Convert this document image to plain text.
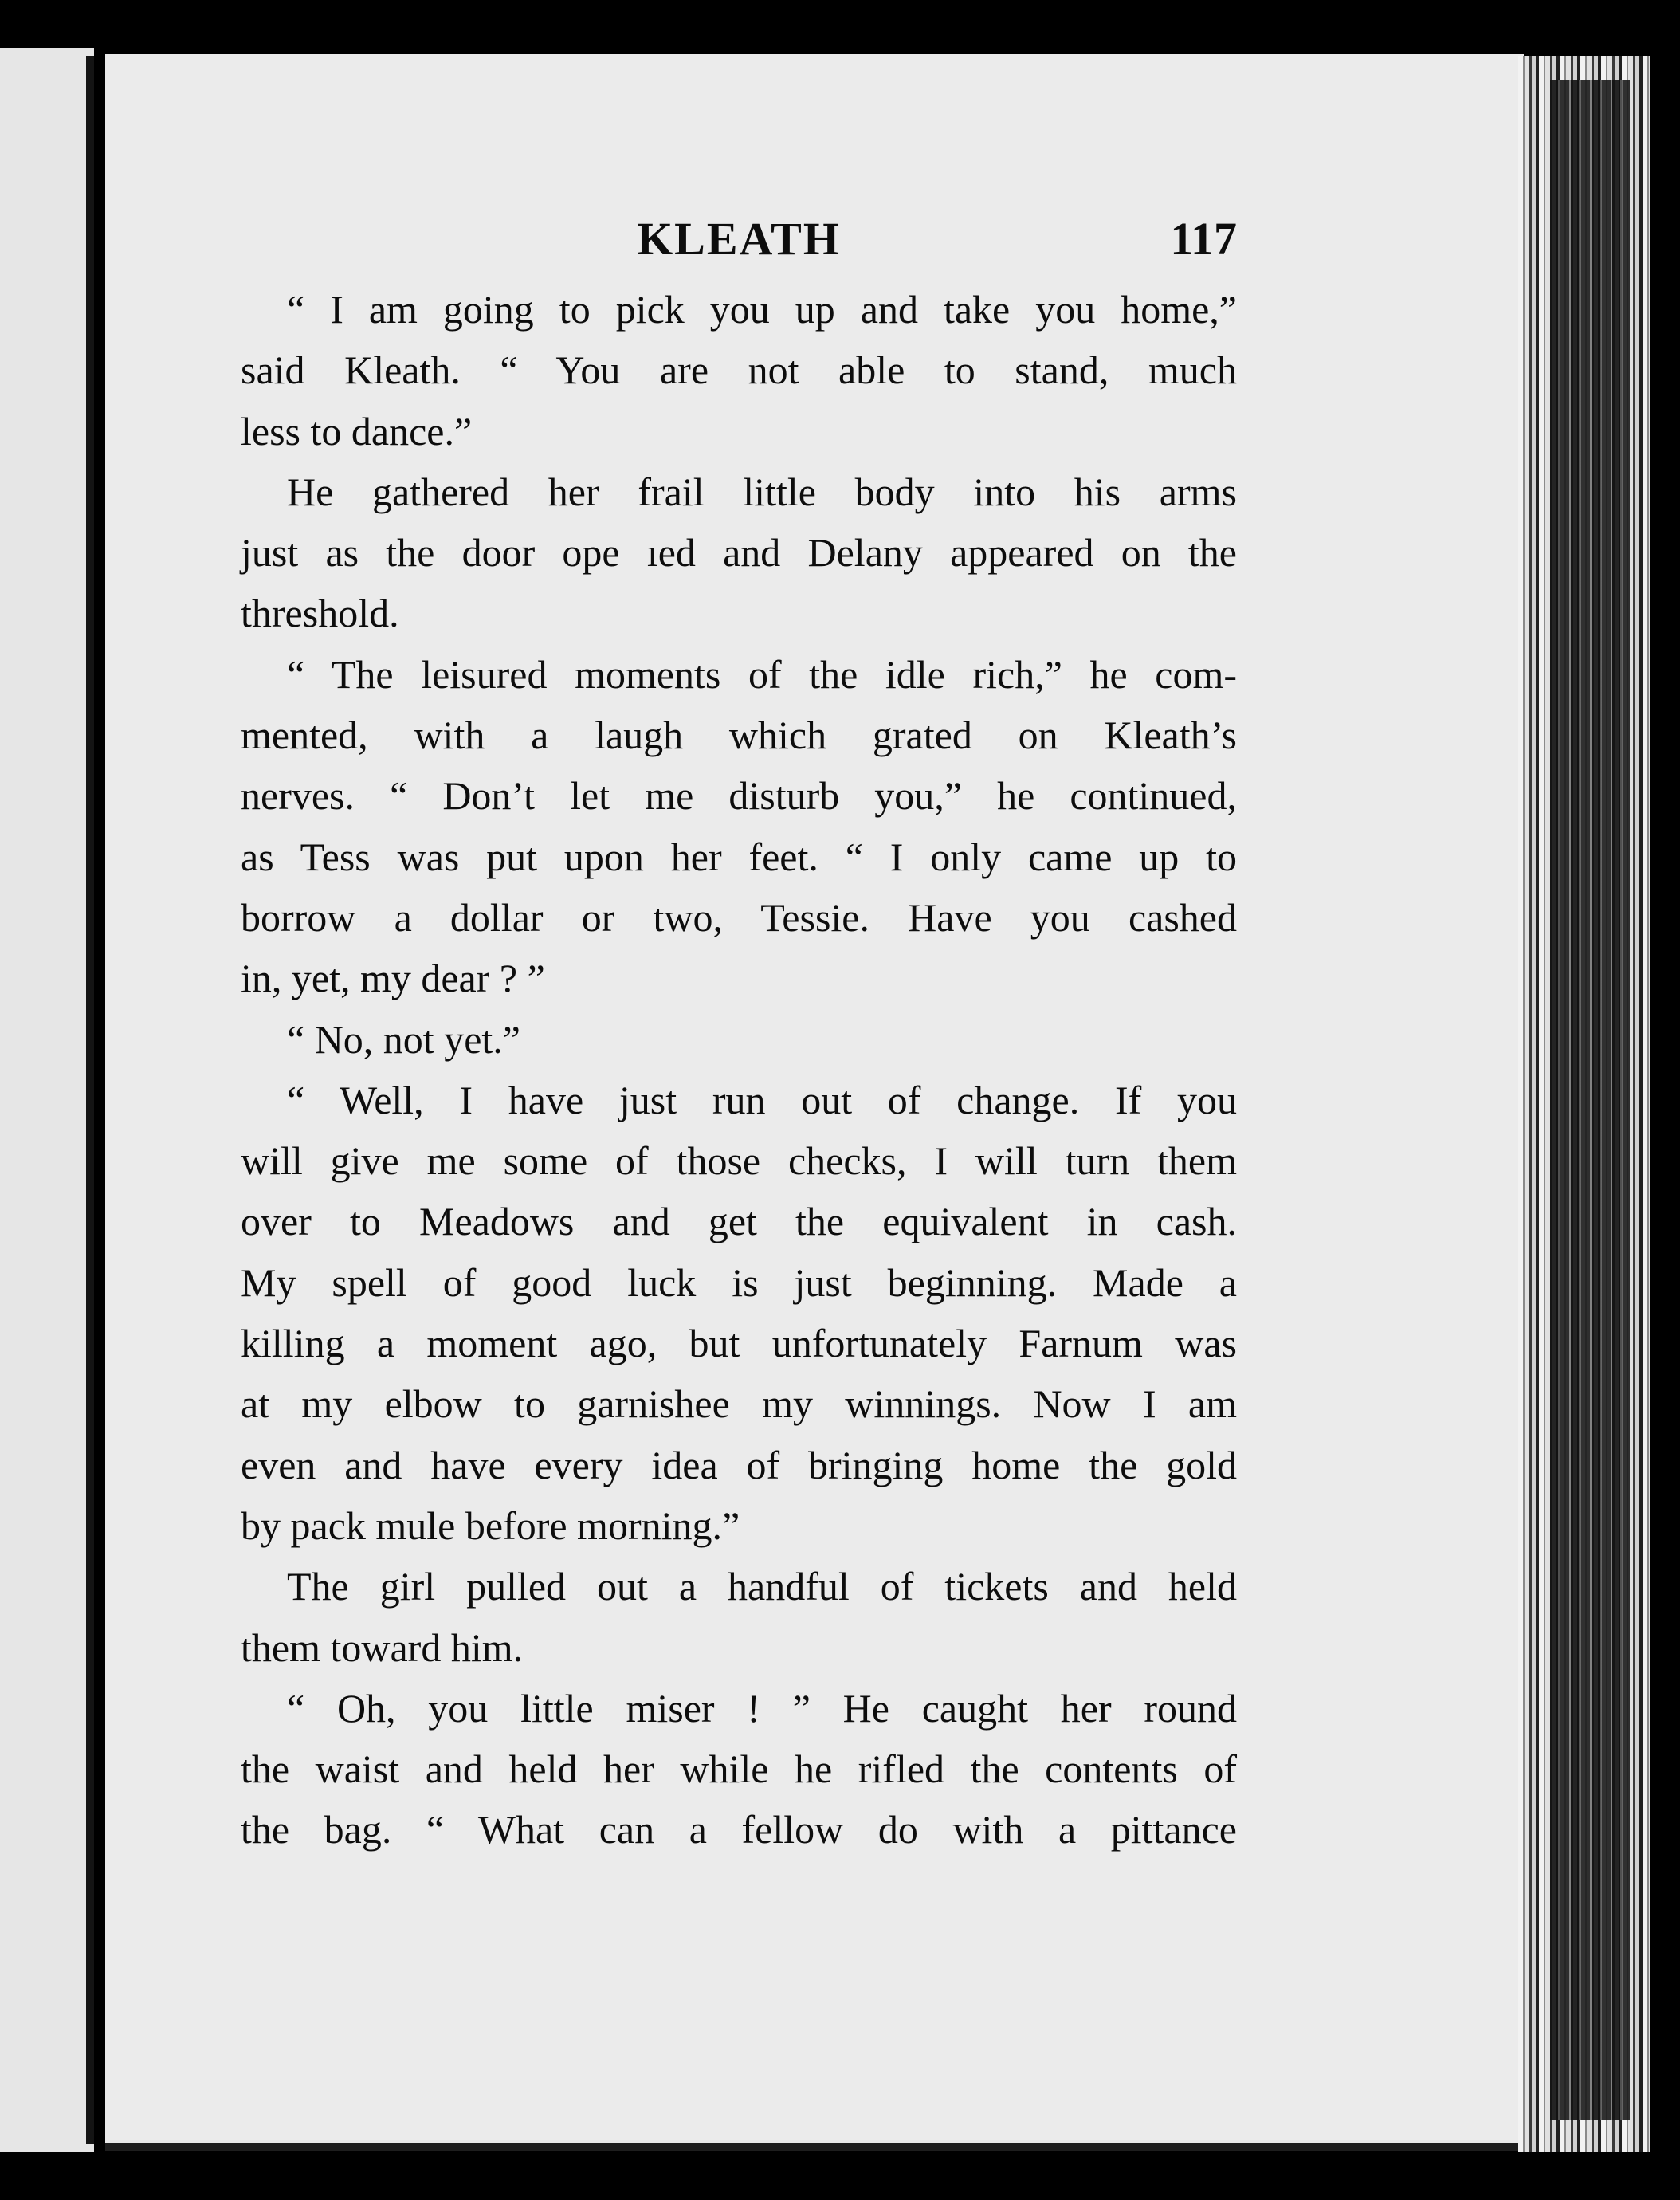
KLEATH	117
“ I am going to pick you up and take you home,”
said Kleath. “ You are not able to stand, much
less to dance.”
He gathered her frail little body into his arms
just as the door ope ıed and Delany appeared on the
threshold.
“ The leisured moments of the idle rich,” he com-
mented, with a laugh which grated on Kleath’s
nerves. “ Don’t let me disturb you,” he continued,
as Tess was put upon her feet. “ I only came up to
borrow a dollar or two, Tessie. Have you cashed
in, yet, my dear ? ”
“ No, not yet.”
“ Well, I have just run out of change. If you
will give me some of those checks, I will turn them
over to Meadows and get the equivalent in cash.
My spell of good luck is just beginning. Made a
killing a moment ago, but unfortunately Farnum was
at my elbow to garnishee my winnings. Now I am
even and have every idea of bringing home the gold
by pack mule before morning.”
The girl pulled out a handful of tickets and held
them toward him.
“ Oh, you little miser ! ” He caught her round
the waist and held her while he rifled the contents of
the bag. “ What can a fellow do with a pittance
